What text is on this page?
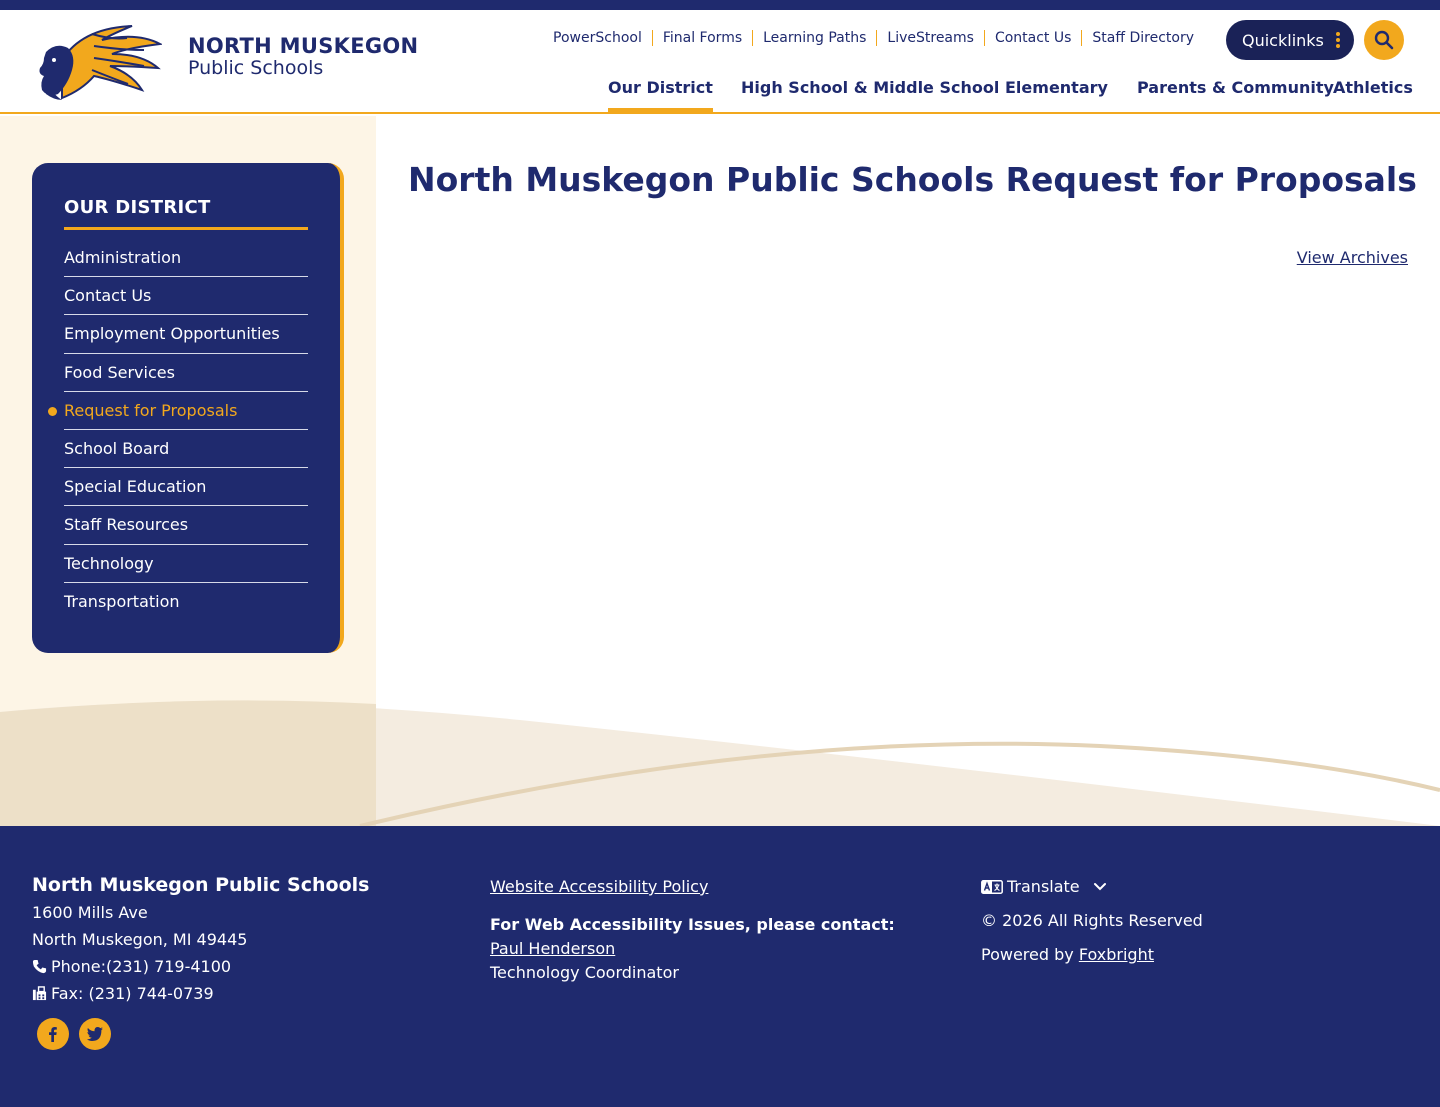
NORTH MUSKEGON
Public Schools
PowerSchool	Final Forms	Learning Paths	LiveStreams	Contact Us	Staff Directory	Quicklinks
Our District High School & Middle School Elementary Parents & Community Athletics
OUR DISTRICT
Administration
Contact Us
Employment Opportunities
Food Services
Request for Proposals
School Board
Special Education
Staff Resources
Technology
Transportation
North Muskegon Public Schools Request for Proposals
View Archives
North Muskegon Public Schools
1600 Mills Ave
North Muskegon, MI 49445
Phone:(231) 719-4100
Fax: (231) 744-0739
Website Accessibility Policy
For Web Accessibility Issues, please contact:
Paul Henderson
Technology Coordinator
Translate
© 2026 All Rights Reserved
Powered by Foxbright
